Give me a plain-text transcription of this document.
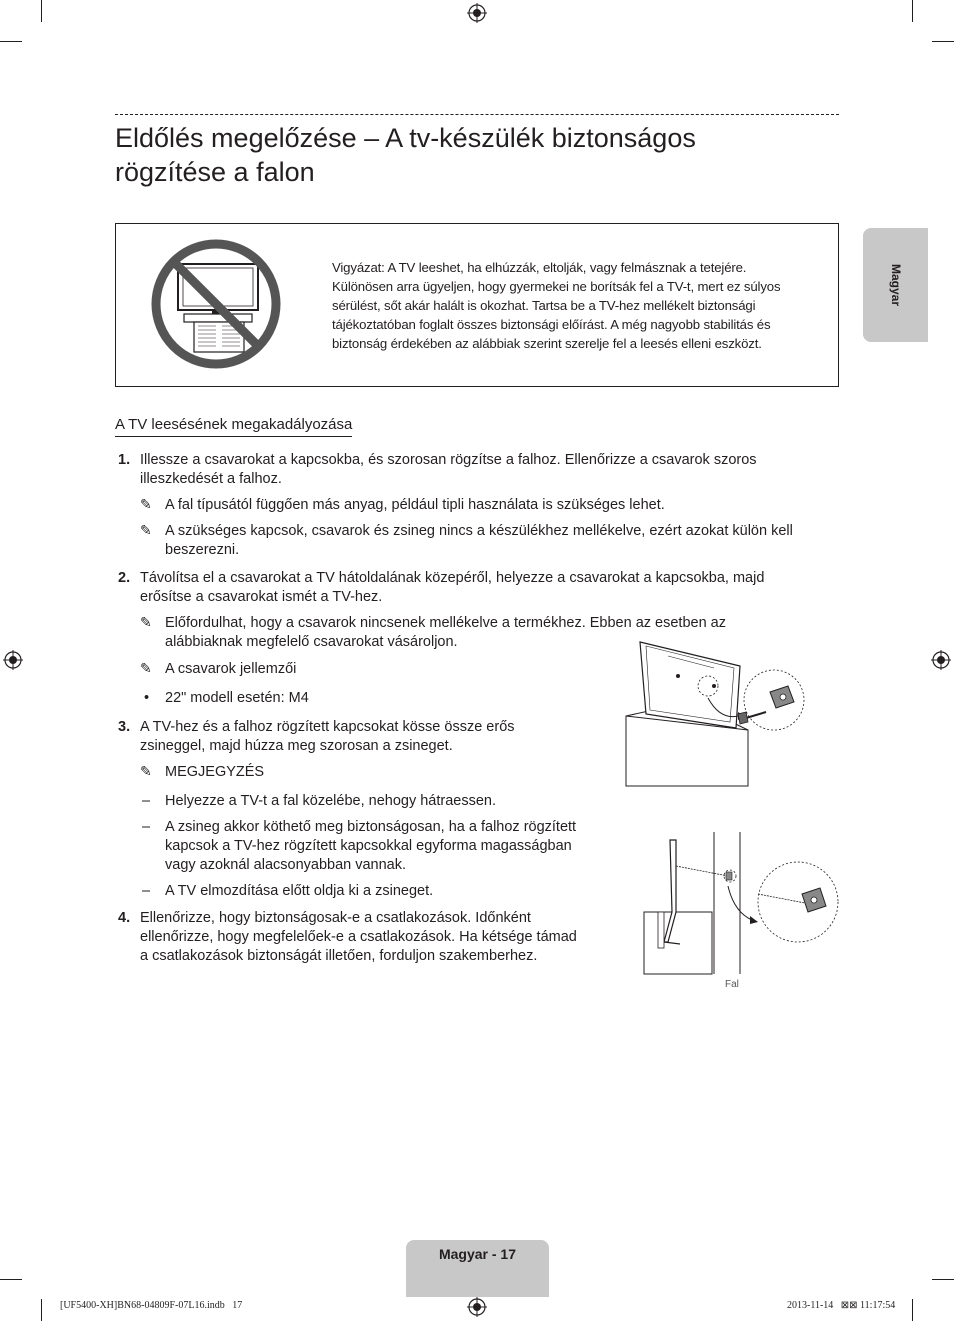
Eldőlés megelőzése – A tv-készülék biztonságos
rögzítése a falon
Magyar
Vigyázat: A TV leeshet, ha elhúzzák, eltolják, vagy felmásznak a tetejére.
Különösen arra ügyeljen, hogy gyermekei ne borítsák fel a TV-t, mert ez súlyos
sérülést, sőt akár halált is okozhat. Tartsa be a TV-hez mellékelt biztonsági
tájékoztatóban foglalt összes biztonsági előírást. A még nagyobb stabilitás és
biztonság érdekében az alábbiak szerint szerelje fel a leesés elleni eszközt.
A TV leesésének megakadályozása
1. Illessze a csavarokat a kapcsokba, és szorosan rögzítse a falhoz. Ellenőrizze a csavarok szoros
illeszkedését a falhoz.
✎ A fal típusától függően más anyag, például tipli használata is szükséges lehet.
✎ A szükséges kapcsok, csavarok és zsineg nincs a készülékhez mellékelve, ezért azokat külön kell
beszerezni.
2. Távolítsa el a csavarokat a TV hátoldalának közepéről, helyezze a csavarokat a kapcsokba, majd
erősítse a csavarokat ismét a TV-hez.
✎ Előfordulhat, hogy a csavarok nincsenek mellékelve a termékhez. Ebben az esetben az
alábbiaknak megfelelő csavarokat vásároljon.
✎ A csavarok jellemzői
• 22" modell esetén: M4
3. A TV-hez és a falhoz rögzített kapcsokat kösse össze erős
zsineggel, majd húzza meg szorosan a zsineget.
✎ MEGJEGYZÉS
– Helyezze a TV-t a fal közelébe, nehogy hátraessen.
– A zsineg akkor köthető meg biztonságosan, ha a falhoz rögzített
kapcsok a TV-hez rögzített kapcsokkal egyforma magasságban
vagy azoknál alacsonyabban vannak.
– A TV elmozdítása előtt oldja ki a zsineget.
4. Ellenőrizze, hogy biztonságosak-e a csatlakozások. Időnként
ellenőrizze, hogy megfelelőek-e a csatlakozások. Ha kétsége támad
a csatlakozások biztonságát illetően, forduljon szakemberhez.
Fal
Magyar - 17
[UF5400-XH]BN68-04809F-07L16.indb   17	2013-11-14   ⊠⊠ 11:17:54
